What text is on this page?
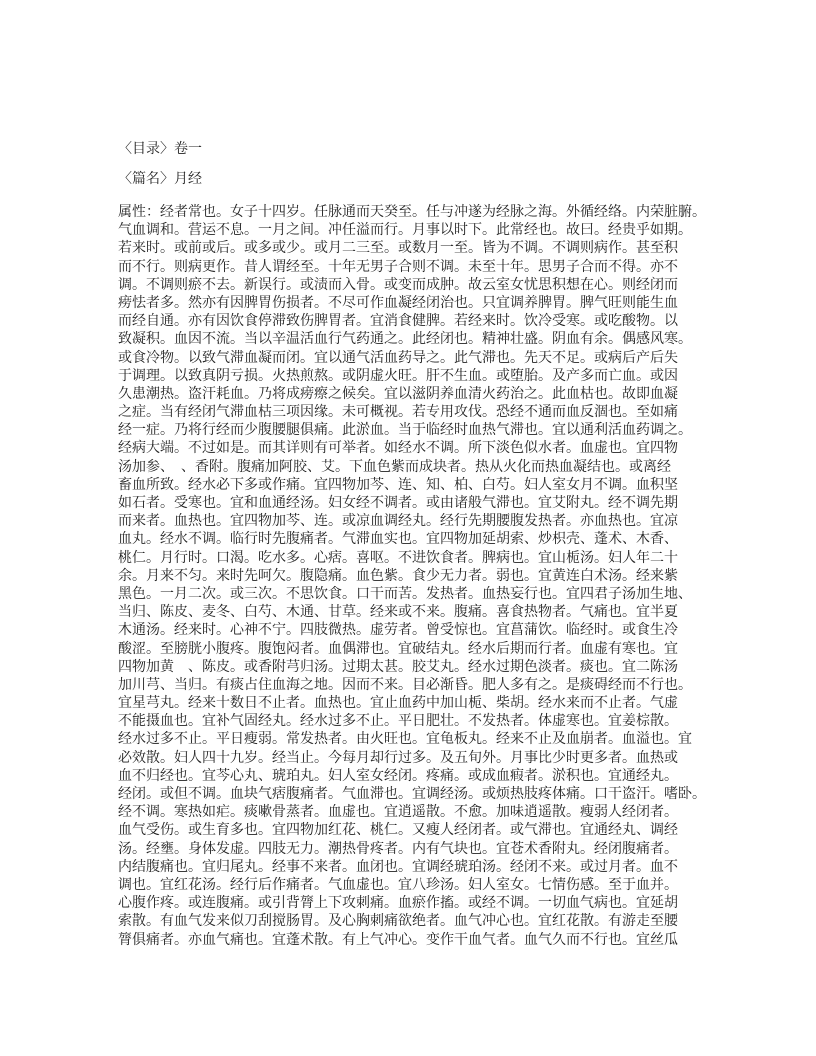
〈目录〉卷一
〈篇名〉月经
属性：经者常也。女子十四岁。任脉通而天癸至。任与冲遂为经脉之海。外循经络。内荣脏腑。
气血调和。营运不息。一月之间。冲任溢而行。月事以时下。此常经也。故曰。经贵乎如期。
若来时。或前或后。或多或少。或月二三至。或数月一至。皆为不调。不调则病作。甚至积
而不行。则病更作。昔人谓经至。十年无男子合则不调。未至十年。思男子合而不得。亦不
调。不调则瘀不去。新误行。或渍而入骨。或变而成肿。故云室女忧思积想在心。则经闭而
痨怯者多。然亦有因脾胃伤损者。不尽可作血凝经闭治也。只宜调养脾胃。脾气旺则能生血
而经自通。亦有因饮食停滞致伤脾胃者。宜消食健脾。若经来时。饮冷受寒。或吃酸物。以
致凝积。血因不流。当以辛温活血行气药通之。此经闭也。精神壮盛。阴血有余。偶感风寒。
或食冷物。以致气滞血凝而闭。宜以通气活血药导之。此气滞也。先天不足。或病后产后失
于调理。以致真阴亏损。火热煎熬。或阴虚火旺。肝不生血。或堕胎。及产多而亡血。或因
久患潮热。盗汗耗血。乃将成痨瘵之候矣。宜以滋阴养血清火药治之。此血枯也。故即血凝
之症。当有经闭气滞血枯三项因缘。未可概视。若专用攻伐。恐经不通而血反涸也。至如痛
经一症。乃将行经而少腹腰腿俱痛。此淤血。当于临经时血热气滞也。宜以通利活血药调之。
经病大端。不过如是。而其详则有可举者。如经水不调。所下淡色似水者。血虚也。宜四物
汤加参、　、香附。腹痛加阿胶、艾。下血色紫而成块者。热从火化而热血凝结也。或离经
畜血所致。经水必下多或作痛。宜四物加芩、连、知、柏、白芍。妇人室女月不调。血积坚
如石者。受寒也。宜和血通经汤。妇女经不调者。或由诸般气滞也。宜艾附丸。经不调先期
而来者。血热也。宜四物加芩、连。或凉血调经丸。经行先期腰腹发热者。亦血热也。宜凉
血丸。经水不调。临行时先腹痛者。气滞血实也。宜四物加延胡索、炒枳壳、蓬术、木香、
桃仁。月行时。口渴。吃水多。心痞。喜呕。不进饮食者。脾病也。宜山栀汤。妇人年二十
余。月来不匀。来时先呵欠。腹隐痛。血色紫。食少无力者。弱也。宜黄连白术汤。经来紫
黑色。一月二次。或三次。不思饮食。口干而苦。发热者。血热妄行也。宜四君子汤加生地、
当归、陈皮、麦冬、白芍、木通、甘草。经来或不来。腹痛。喜食热物者。气痛也。宜半夏
木通汤。经来时。心神不宁。四肢微热。虚劳者。曾受惊也。宜菖蒲饮。临经时。或食生冷
酸涩。至膀胱小腹疼。腹饱闷者。血偶滞也。宜破结丸。经水后期而行者。血虚有寒也。宜
四物加黄　、陈皮。或香附芎归汤。过期太甚。胶艾丸。经水过期色淡者。痰也。宜二陈汤
加川芎、当归。有痰占住血海之地。因而不来。目必渐昏。肥人多有之。是痰碍经而不行也。
宜星芎丸。经来十数日不止者。血热也。宜止血药中加山栀、柴胡。经水来而不止者。气虚
不能摄血也。宜补气固经丸。经水过多不止。平日肥壮。不发热者。体虚寒也。宜姜棕散。
经水过多不止。平日瘦弱。常发热者。由火旺也。宜龟板丸。经来不止及血崩者。血溢也。宜
必效散。妇人四十九岁。经当止。今每月却行过多。及五旬外。月事比少时更多者。血热或
血不归经也。宜芩心丸、琥珀丸。妇人室女经闭。疼痛。或成血瘕者。淤积也。宜通经丸。
经闭。或但不调。血块气痞腹痛者。气血滞也。宜调经汤。或烦热肢疼体痛。口干盗汗。嗜卧。
经不调。寒热如疟。痰嗽骨蒸者。血虚也。宜逍遥散。不愈。加味逍遥散。瘦弱人经闭者。
血气受伤。或生育多也。宜四物加红花、桃仁。又瘦人经闭者。或气滞也。宜通经丸、调经
汤。经壅。身体发虚。四肢无力。潮热骨疼者。内有气块也。宜苍术香附丸。经闭腹痛者。
内结腹痛也。宜归尾丸。经事不来者。血闭也。宜调经琥珀汤。经闭不来。或过月者。血不
调也。宜红花汤。经行后作痛者。气血虚也。宜八珍汤。妇人室女。七情伤感。至于血并。
心腹作疼。或连腹痛。或引背膂上下攻刺痛。血瘀作搐。或经不调。一切血气病也。宜延胡
索散。有血气发来似刀刮搅肠胃。及心胸刺痛欲绝者。血气冲心也。宜红花散。有游走至腰
膂俱痛者。亦血气痛也。宜蓬术散。有上气冲心。变作干血气者。血气久而不行也。宜丝瓜
